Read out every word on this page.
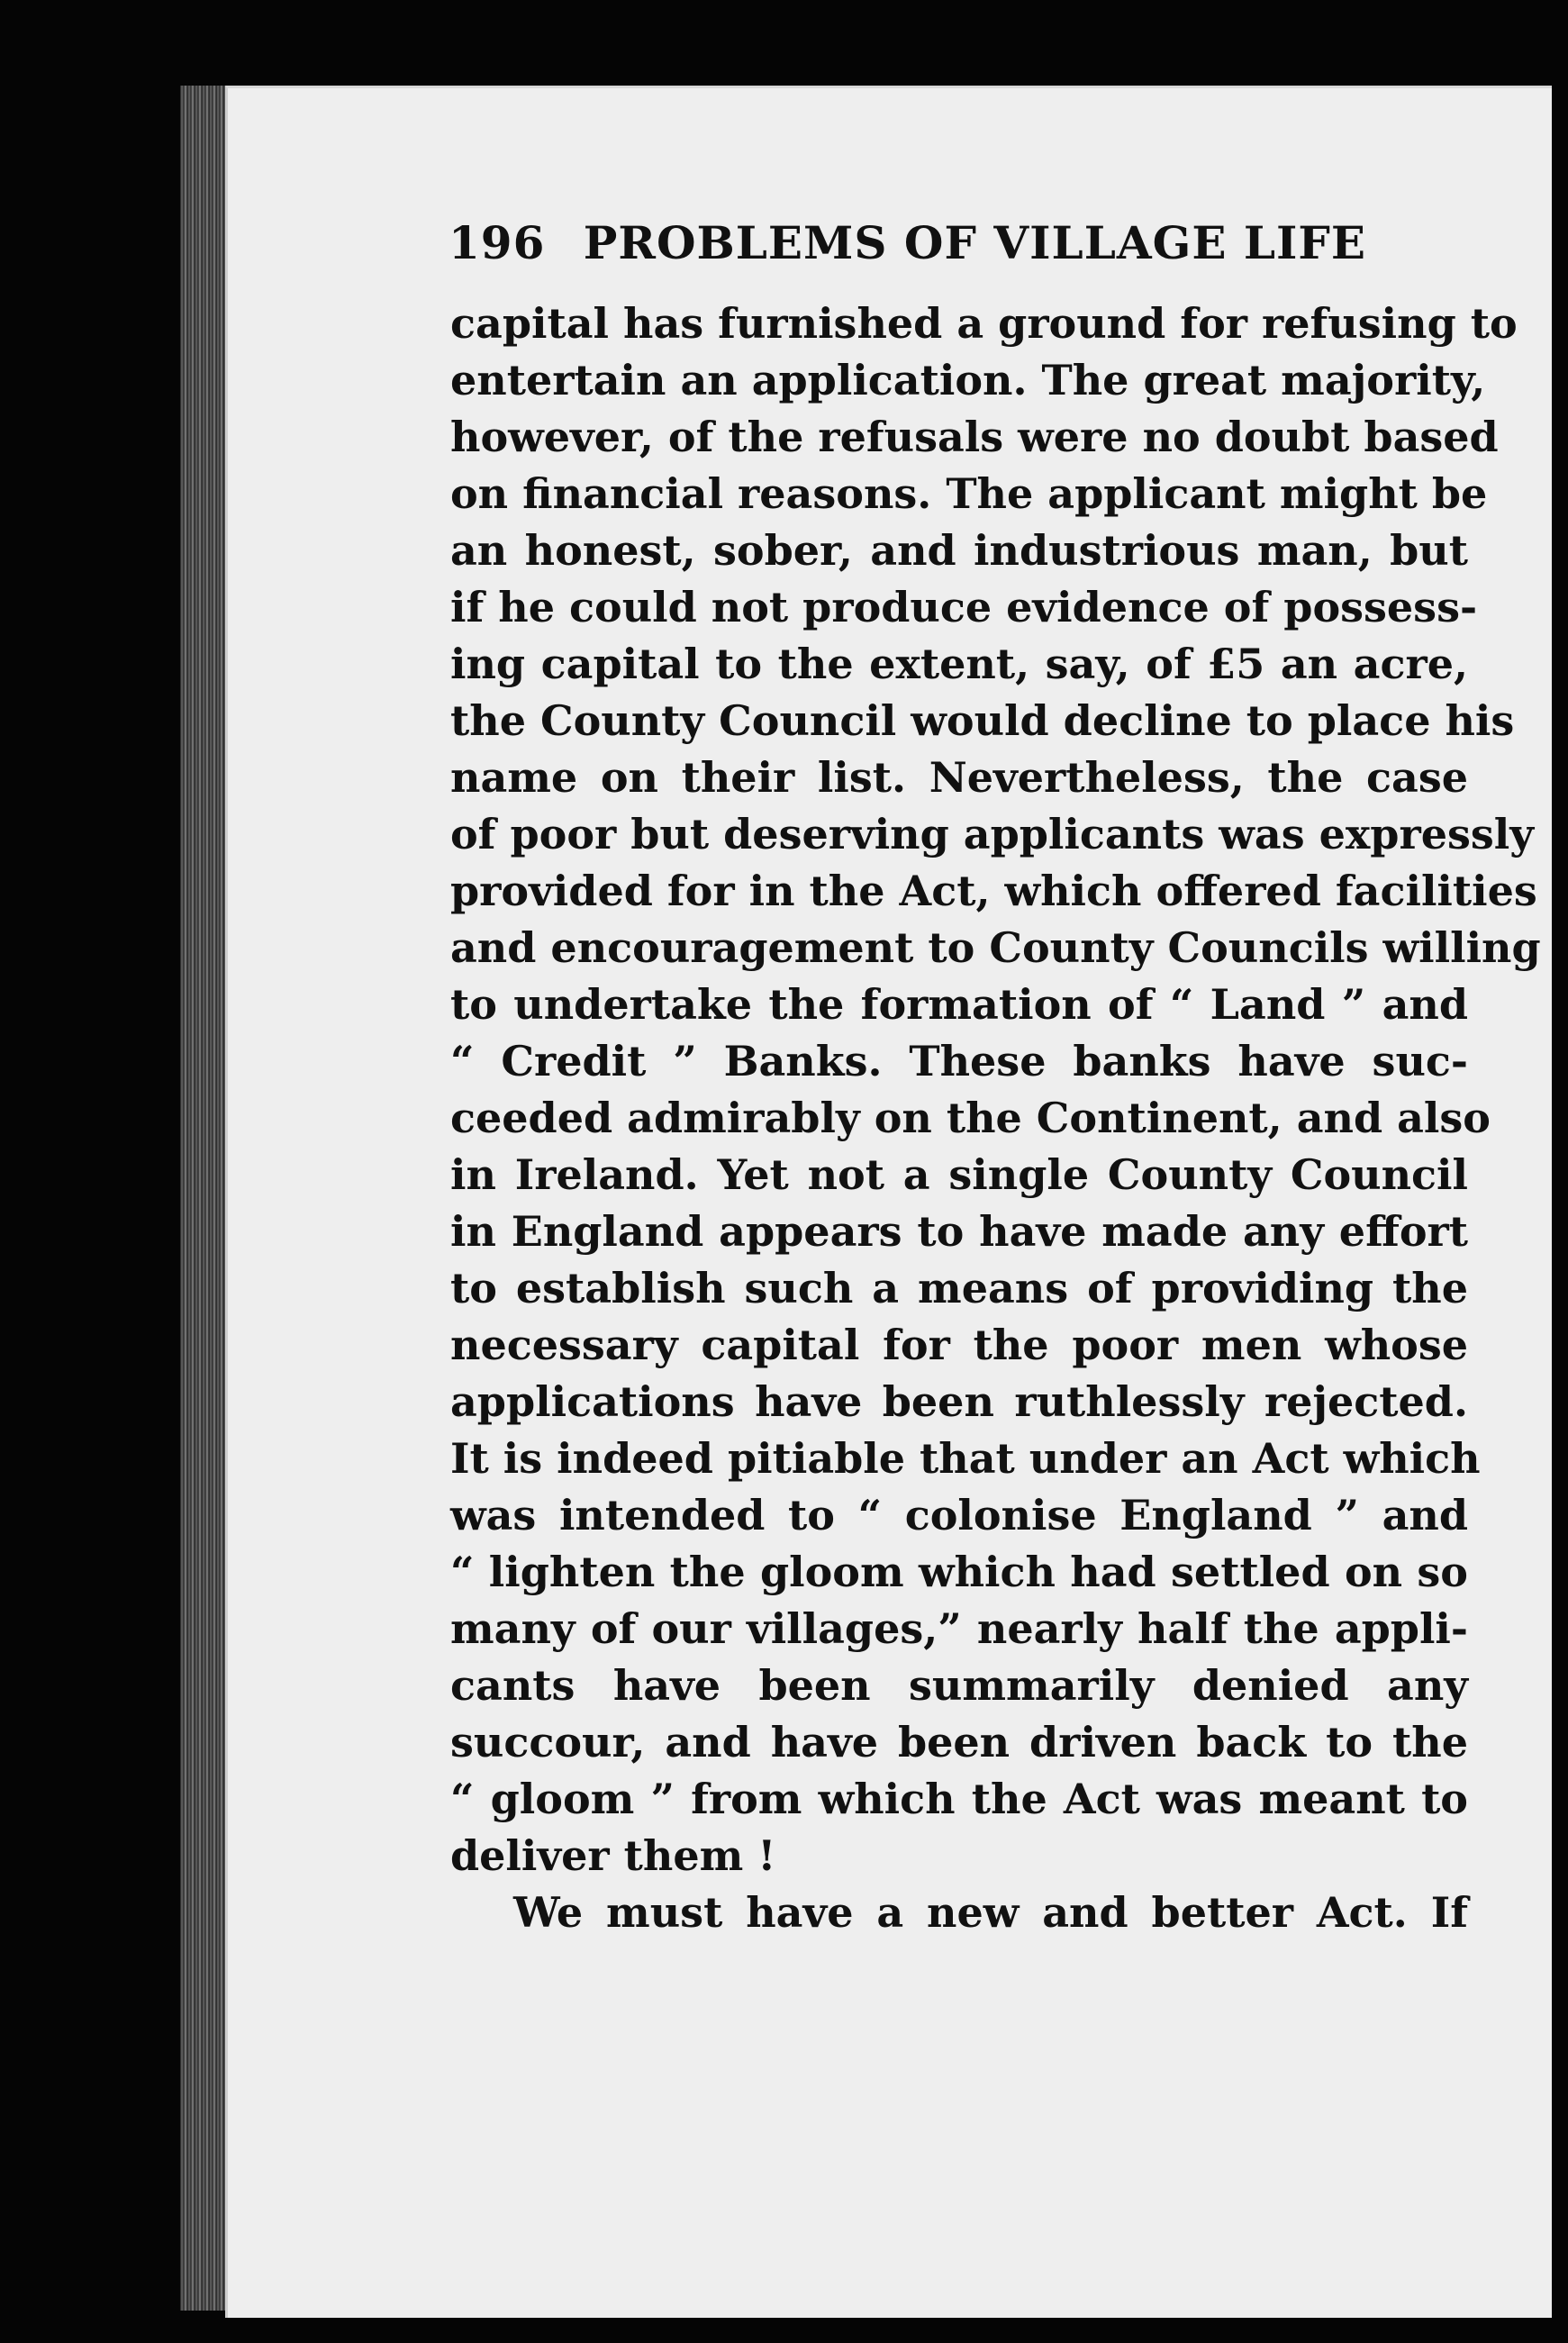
196 PROBLEMS OF VILLAGE LIFE
capital has furnished a ground for refusing to
entertain an application. The great majority,
however, of the refusals were no doubt based
on financial reasons. The applicant might be
an honest, sober, and industrious man, but
if he could not produce evidence of possess-
ing capital to the extent, say, of £5 an acre,
the County Council would decline to place his
name on their list. Nevertheless, the case
of poor but deserving applicants was expressly
provided for in the Act, which offered facilities
and encouragement to County Councils willing
to undertake the formation of “ Land ” and
“ Credit ” Banks. These banks have suc-
ceeded admirably on the Continent, and also
in Ireland. Yet not a single County Council
in England appears to have made any effort
to establish such a means of providing the
necessary capital for the poor men whose
applications have been ruthlessly rejected.
It is indeed pitiable that under an Act which
was intended to “ colonise England ” and
“ lighten the gloom which had settled on so
many of our villages,” nearly half the appli-
cants have been summarily denied any
succour, and have been driven back to the
“ gloom ” from which the Act was meant to
deliver them !
We must have a new and better Act. If
